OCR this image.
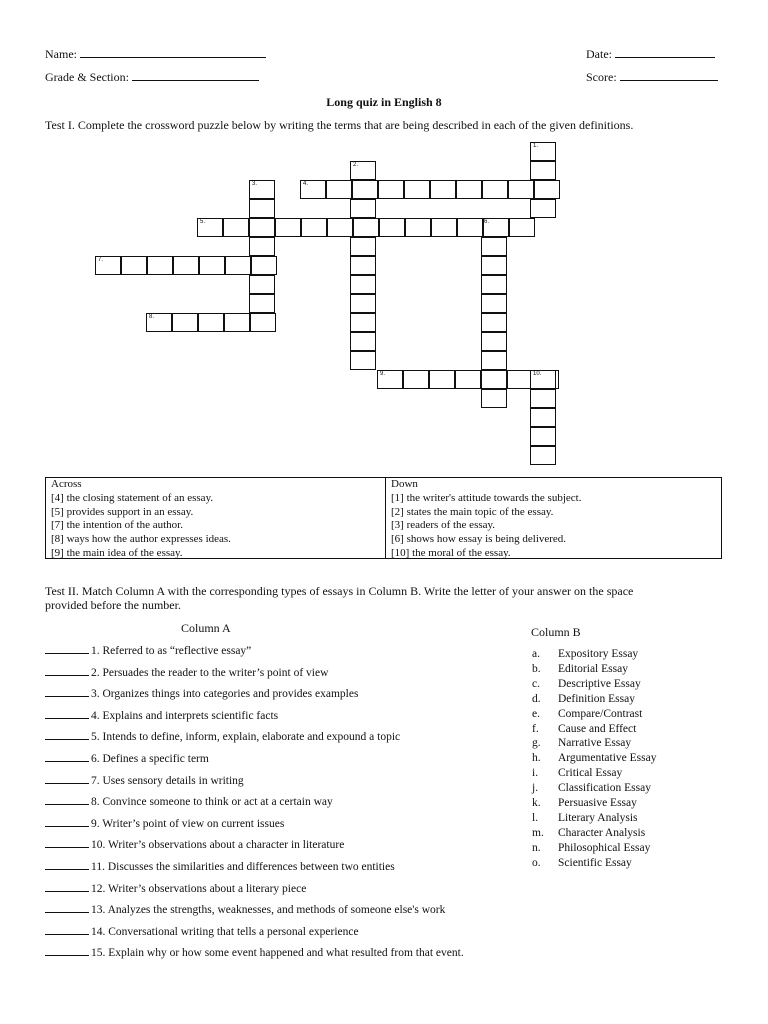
Name:	Date:
Grade & Section:	Score:
Long quiz in English 8
Test I. Complete the crossword puzzle below by writing the terms that are being described in each of the given definitions.
1.
2.
3.	4.
5.	6.
7.
8.
9.	10.
Across
[4] the closing statement of an essay.
[5] provides support in an essay.
[7] the intention of the author.
[8] ways how the author expresses ideas.
[9] the main idea of the essay.
Down
[1] the writer's attitude towards the subject.
[2] states the main topic of the essay.
[3] readers of the essay.
[6] shows how essay is being delivered.
[10] the moral of the essay.
Test II. Match Column A with the corresponding types of essays in Column B. Write the letter of your answer on the space
provided before the number.
Column A	Column B
1. Referred to as “reflective essay”
2. Persuades the reader to the writer’s point of view
3. Organizes things into categories and provides examples
4. Explains and interprets scientific facts
5. Intends to define, inform, explain, elaborate and expound a topic
6. Defines a specific term
7. Uses sensory details in writing
8. Convince someone to think or act at a certain way
9. Writer’s point of view on current issues
10. Writer’s observations about a character in literature
11. Discusses the similarities and differences between two entities
12. Writer’s observations about a literary piece
13. Analyzes the strengths, weaknesses, and methods of someone else's work
14. Conversational writing that tells a personal experience
15. Explain why or how some event happened and what resulted from that event.
a. Expository Essay
b. Editorial Essay
c. Descriptive Essay
d. Definition Essay
e. Compare/Contrast
f. Cause and Effect
g. Narrative Essay
h. Argumentative Essay
i. Critical Essay
j. Classification Essay
k. Persuasive Essay
l. Literary Analysis
m. Character Analysis
n. Philosophical Essay
o. Scientific Essay
